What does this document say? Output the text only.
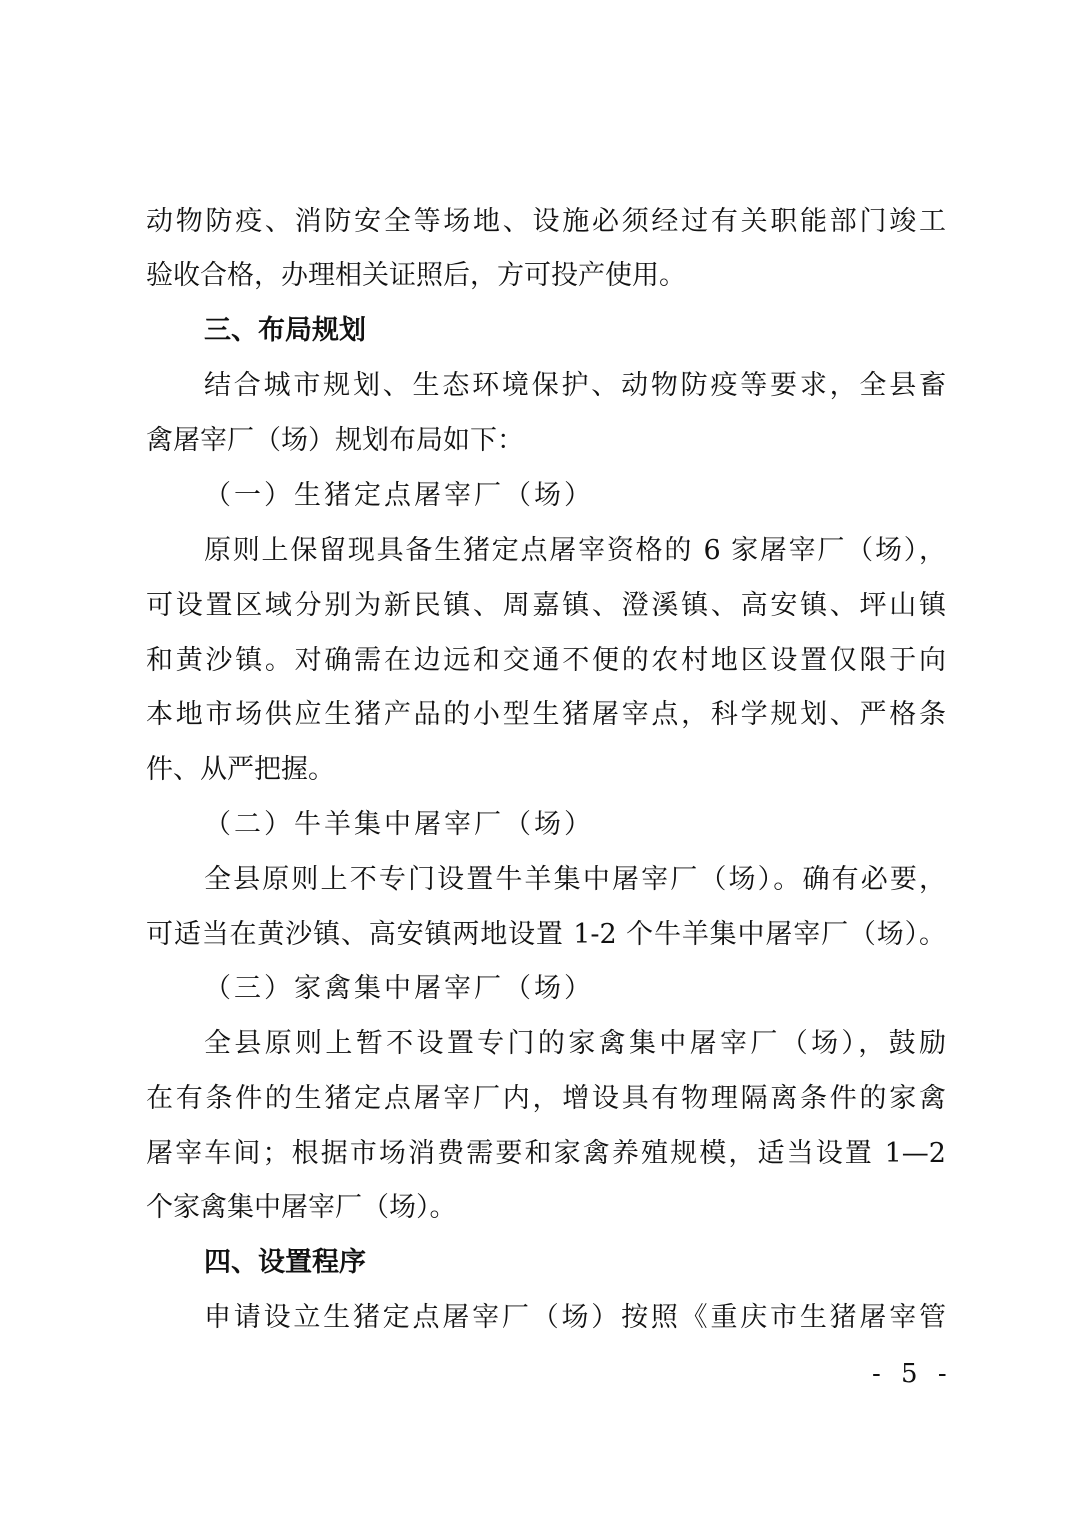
动物防疫、消防安全等场地、设施必须经过有关职能部门竣工
验收合格，办理相关证照后，方可投产使用。
三、布局规划
结合城市规划、生态环境保护、动物防疫等要求，全县畜
禽屠宰厂（场）规划布局如下：
（一）生猪定点屠宰厂（场）
原则上保留现具备生猪定点屠宰资格的 6 家屠宰厂（场），
可设置区域分别为新民镇、周嘉镇、澄溪镇、高安镇、坪山镇
和黄沙镇。对确需在边远和交通不便的农村地区设置仅限于向
本地市场供应生猪产品的小型生猪屠宰点，科学规划、严格条
件、从严把握。
（二）牛羊集中屠宰厂（场）
全县原则上不专门设置牛羊集中屠宰厂（场）。确有必要，
可适当在黄沙镇、高安镇两地设置 1-2 个牛羊集中屠宰厂（场）。
（三）家禽集中屠宰厂（场）
全县原则上暂不设置专门的家禽集中屠宰厂（场），鼓励
在有条件的生猪定点屠宰厂内，增设具有物理隔离条件的家禽
屠宰车间；根据市场消费需要和家禽养殖规模，适当设置 1—2
个家禽集中屠宰厂（场）。
四、设置程序
申请设立生猪定点屠宰厂（场）按照《重庆市生猪屠宰管
- 5 -
